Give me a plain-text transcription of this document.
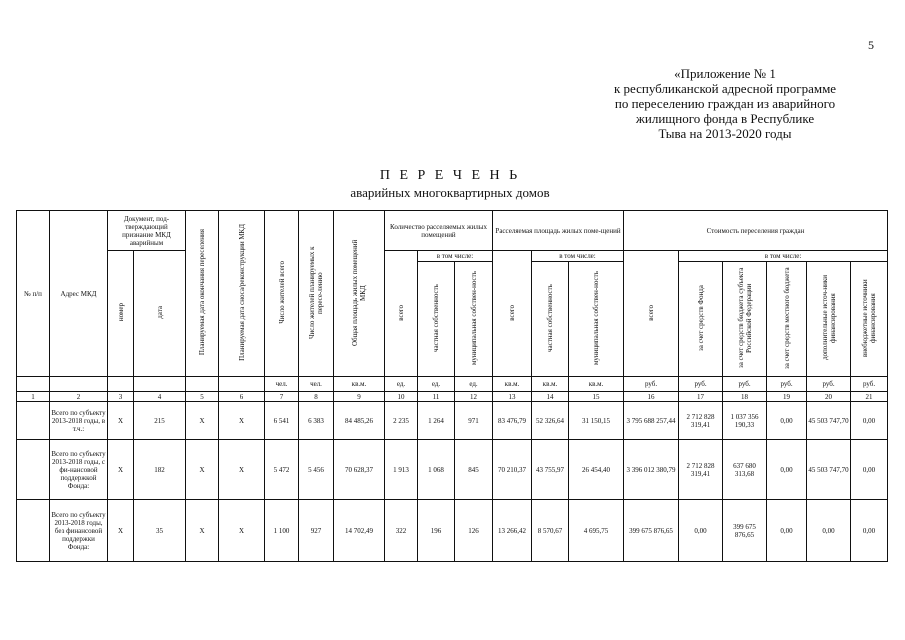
5
«Приложение № 1
к республиканской адресной программе
по переселению граждан из аварийного
жилищного фонда в Республике
Тыва на 2013-2020 годы
П Е Р Е Ч Е Н Ь
аварийных многоквартирных домов
№ п/п	Адрес МКД	Документ, под-тверждающий признание МКД аварийным		Планируемая дата окончания переселения	Планируемая дата сноса/реконструкции МКД	Число жителей всего	Число жителей планируемых к пересе-лению	Общая площадь жилых помещений МКД	Количество расселяемых жилых помещений			Расселяемая площадь жилых поме-щений			Стоимость переселения граждан					
		номер	дата						всего	в том числе:		всего	в том числе:		всего	в том числе:				
										частная собственность	муниципальная собствен-ность		частная собственность	муниципальная собствен-ность		за счет средств Фонда	за счет средств бюджета субъекта Российской Федерации	за счет средств местного бюджета	дополнительные источ-ники финансирования	внебюджетные источники финансирования
						чел.	чел.	кв.м.	ед.	ед.	ед.	кв.м.	кв.м.	кв.м.	руб.	руб.	руб.	руб.	руб.	руб.
1	2	3	4	5	6	7	8	9	10	11	12	13	14	15	16	17	18	19	20	21
	Всего по субъекту 2013-2018 годы, в т.ч.:	X	215	X	X	6 541	6 383	84 485,26	2 235	1 264	971	83 476,79	52 326,64	31 150,15	3 795 688 257,44	2 712 828 319,41	1 037 356 190,33	0,00	45 503 747,70	0,00
	Всего по субъекту 2013-2018 годы, с фи-нансовой поддержкой Фонда:	X	182	X	X	5 472	5 456	70 628,37	1 913	1 068	845	70 210,37	43 755,97	26 454,40	3 396 012 380,79	2 712 828 319,41	637 680 313,68	0,00	45 503 747,70	0,00
	Всего по субъекту 2013-2018 годы, без финансовой поддержки Фонда:	X	35	X	X	1 100	927	14 702,49	322	196	126	13 266,42	8 570,67	4 695,75	399 675 876,65	0,00	399 675 876,65	0,00	0,00	0,00
